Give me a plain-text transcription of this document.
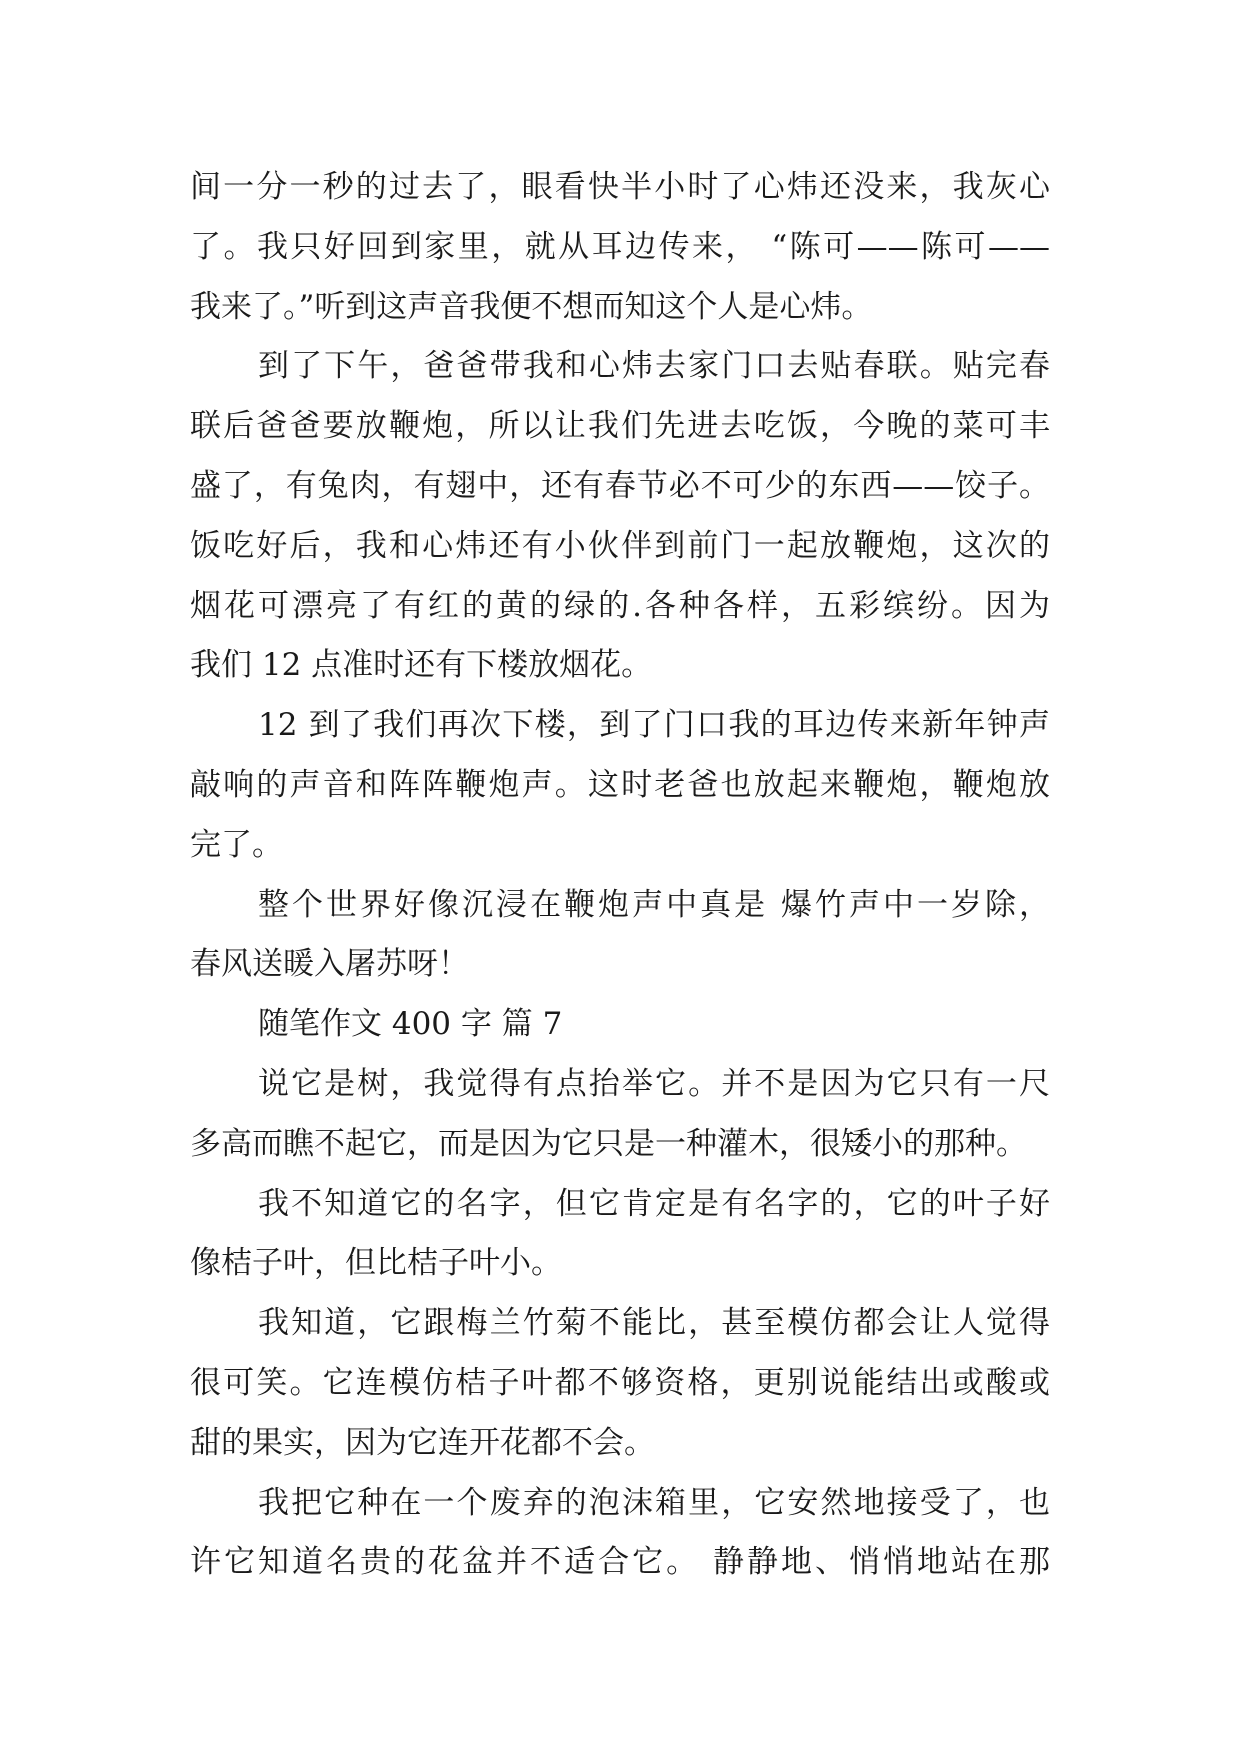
间一分一秒的过去了，眼看快半小时了心炜还没来，我灰心
了。我只好回到家里，就从耳边传来， “陈可——陈可——
我来了。”听到这声音我便不想而知这个人是心炜。
到了下午，爸爸带我和心炜去家门口去贴春联。贴完春
联后爸爸要放鞭炮，所以让我们先进去吃饭，今晚的菜可丰
盛了，有兔肉，有翅中，还有春节必不可少的东西——饺子。
饭吃好后，我和心炜还有小伙伴到前门一起放鞭炮，这次的
烟花可漂亮了有红的黄的绿的.各种各样，五彩缤纷。因为
我们 12 点准时还有下楼放烟花。
12 到了我们再次下楼，到了门口我的耳边传来新年钟声
敲响的声音和阵阵鞭炮声。这时老爸也放起来鞭炮，鞭炮放
完了。
整个世界好像沉浸在鞭炮声中真是 爆竹声中一岁除，
春风送暖入屠苏呀！
随笔作文 400 字 篇 7
说它是树，我觉得有点抬举它。并不是因为它只有一尺
多高而瞧不起它，而是因为它只是一种灌木，很矮小的那种。
我不知道它的名字，但它肯定是有名字的，它的叶子好
像桔子叶，但比桔子叶小。
我知道，它跟梅兰竹菊不能比，甚至模仿都会让人觉得
很可笑。它连模仿桔子叶都不够资格，更别说能结出或酸或
甜的果实，因为它连开花都不会。
我把它种在一个废弃的泡沫箱里，它安然地接受了，也
许它知道名贵的花盆并不适合它。 静静地、悄悄地站在那
